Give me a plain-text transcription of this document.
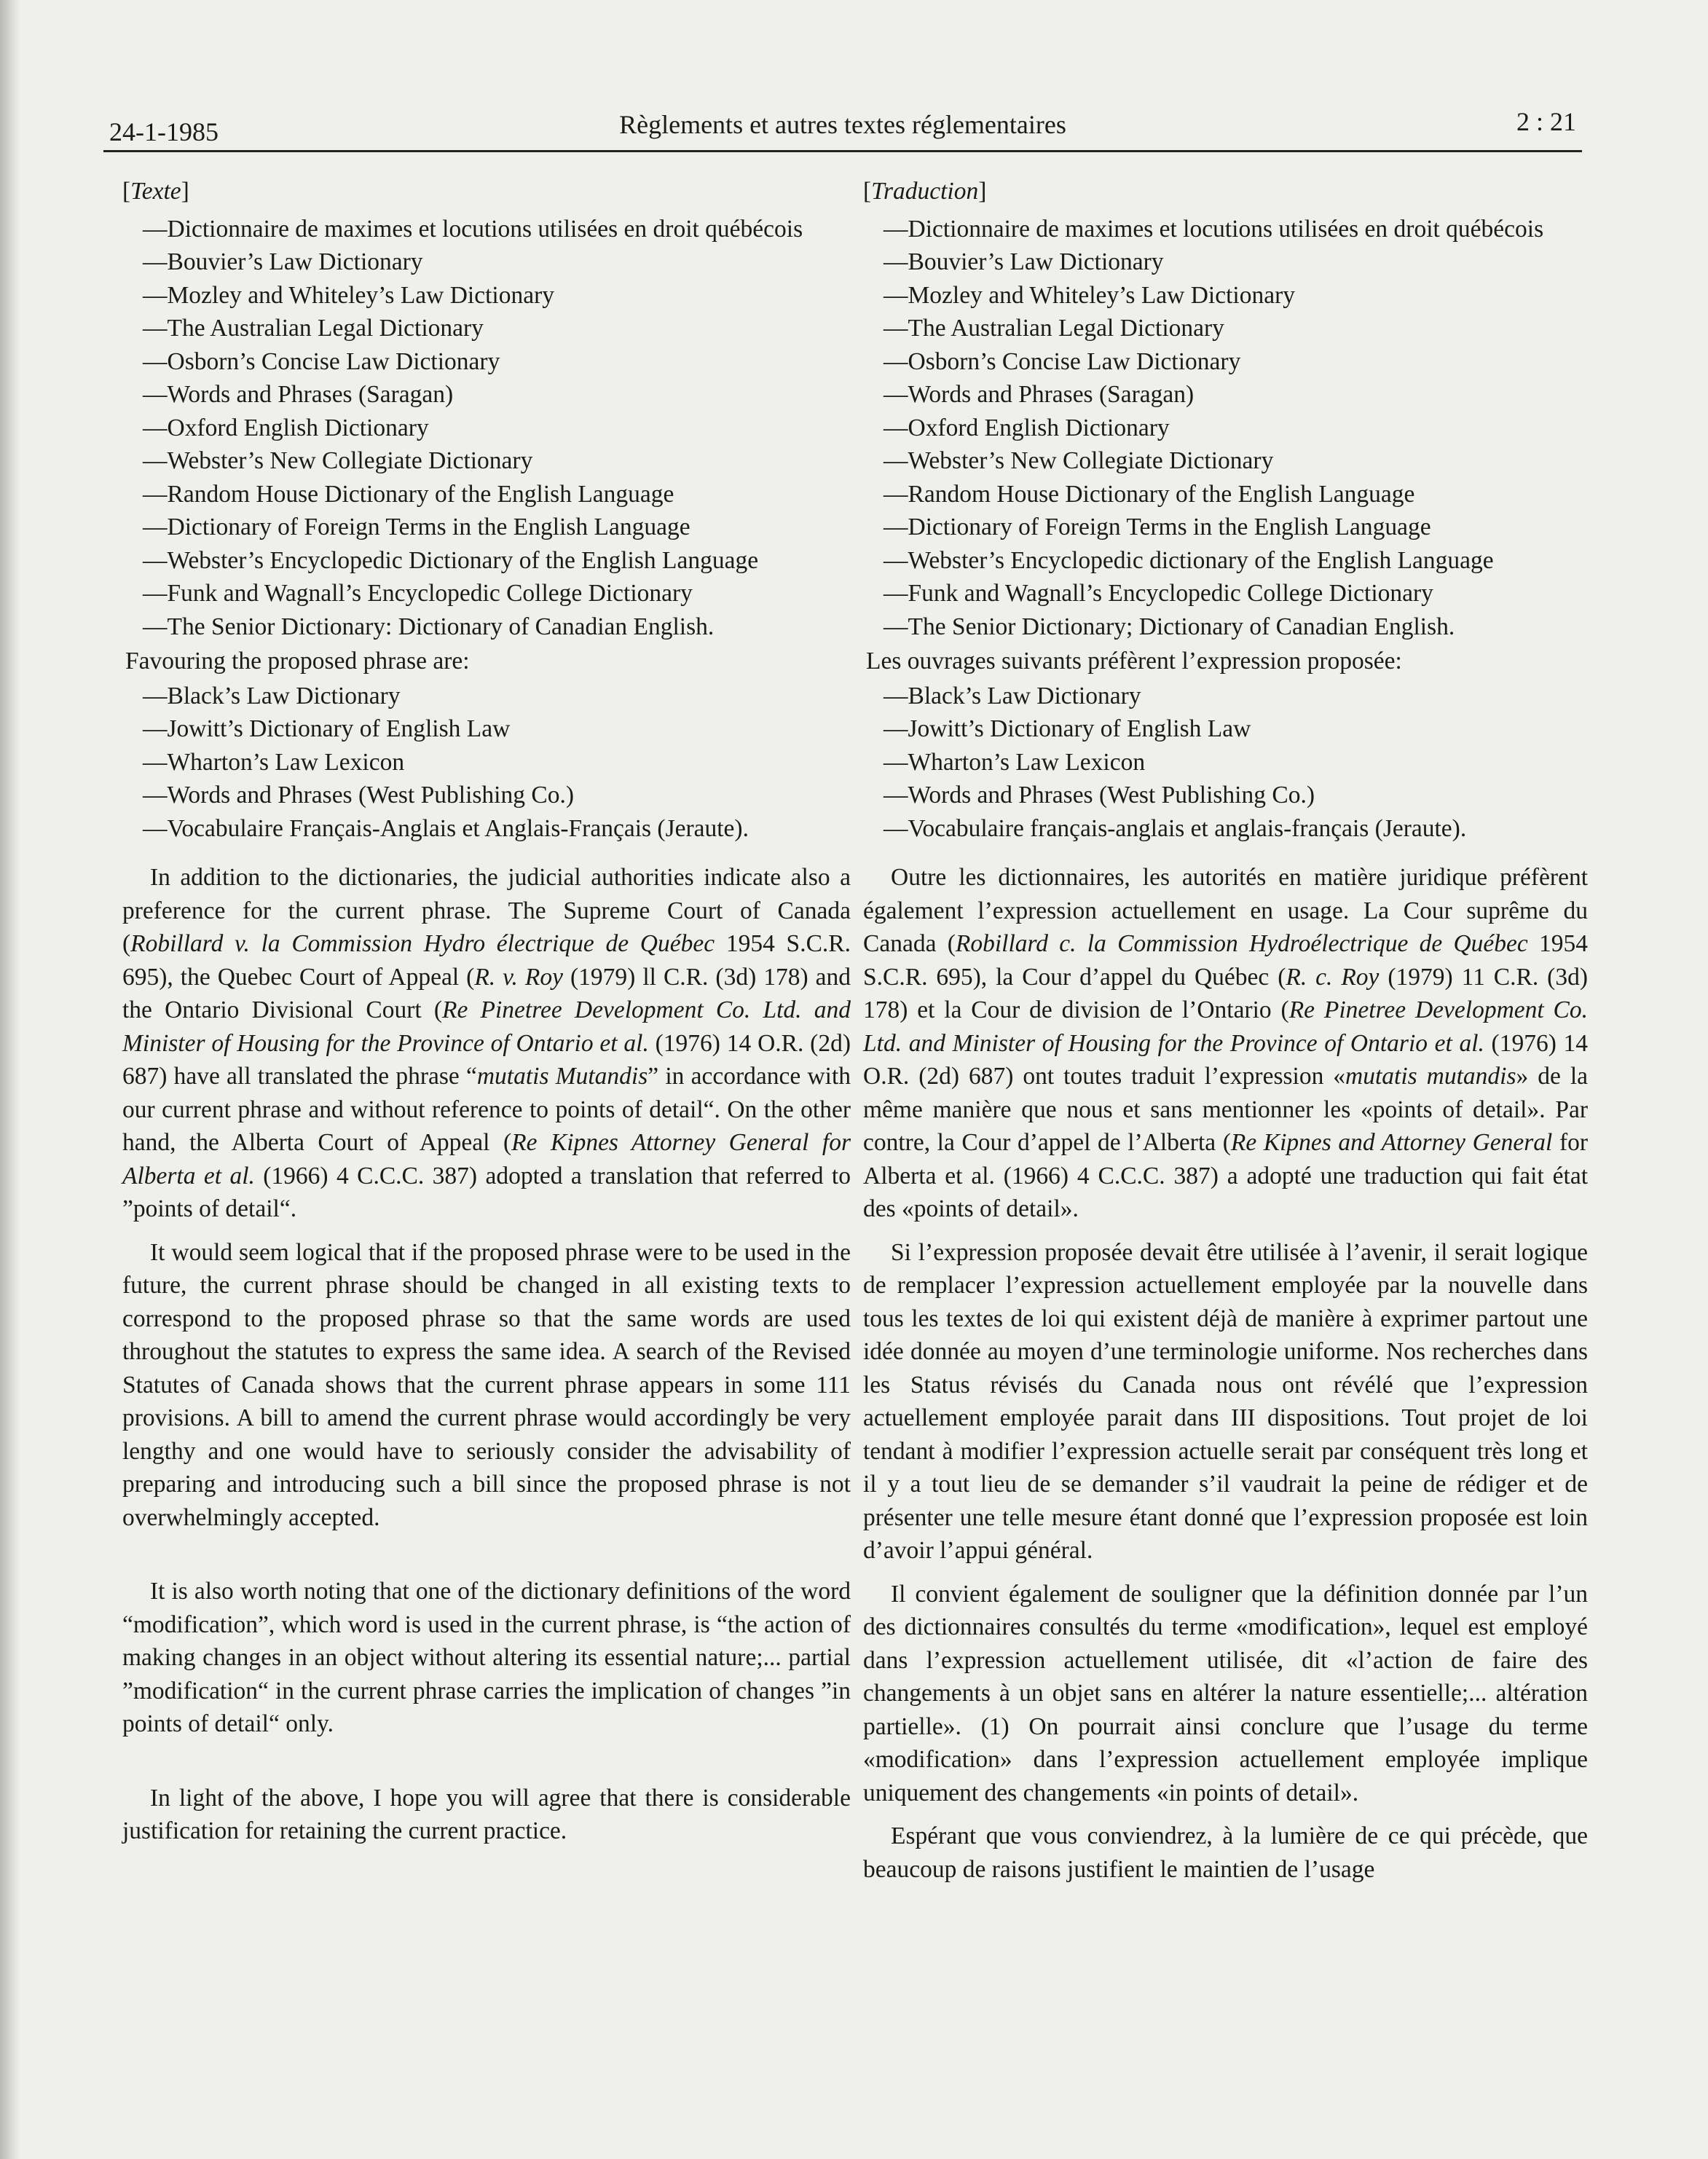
24-1-1985	Règlements et autres textes réglementaires	2 : 21
[Texte]
—Dictionnaire de maximes et locutions utilisées en droit québécois
—Bouvier’s Law Dictionary
—Mozley and Whiteley’s Law Dictionary
—The Australian Legal Dictionary
—Osborn’s Concise Law Dictionary
—Words and Phrases (Saragan)
—Oxford English Dictionary
—Webster’s New Collegiate Dictionary
—Random House Dictionary of the English Language
—Dictionary of Foreign Terms in the English Language
—Webster’s Encyclopedic Dictionary of the English Language
—Funk and Wagnall’s Encyclopedic College Dictionary
—The Senior Dictionary: Dictionary of Canadian English.
Favouring the proposed phrase are:
—Black’s Law Dictionary
—Jowitt’s Dictionary of English Law
—Wharton’s Law Lexicon
—Words and Phrases (West Publishing Co.)
—Vocabulaire Français-Anglais et Anglais-Français (Jeraute).

In addition to the dictionaries, the judicial authorities indicate also a preference for the current phrase. The Supreme Court of Canada (Robillard v. la Commission Hydro électrique de Québec 1954 S.C.R. 695), the Quebec Court of Appeal (R. v. Roy (1979) ll C.R. (3d) 178) and the Ontario Divisional Court (Re Pinetree Development Co. Ltd. and Minister of Housing for the Province of Ontario et al. (1976) 14 O.R. (2d) 687) have all translated the phrase “mutatis Mutandis” in accordance with our current phrase and without reference to points of detail“. On the other hand, the Alberta Court of Appeal (Re Kipnes Attorney General for Alberta et al. (1966) 4 C.C.C. 387) adopted a translation that referred to ”points of detail“.

It would seem logical that if the proposed phrase were to be used in the future, the current phrase should be changed in all existing texts to correspond to the proposed phrase so that the same words are used throughout the statutes to express the same idea. A search of the Revised Statutes of Canada shows that the current phrase appears in some 111 provisions. A bill to amend the current phrase would accordingly be very lengthy and one would have to seriously consider the advisability of preparing and introducing such a bill since the proposed phrase is not overwhelmingly accepted.

It is also worth noting that one of the dictionary definitions of the word “modification”, which word is used in the current phrase, is “the action of making changes in an object without altering its essential nature;... partial ”modification“ in the current phrase carries the implication of changes ”in points of detail“ only.

In light of the above, I hope you will agree that there is considerable justification for retaining the current practice.

[Traduction]
—Dictionnaire de maximes et locutions utilisées en droit québécois
—Bouvier’s Law Dictionary
—Mozley and Whiteley’s Law Dictionary
—The Australian Legal Dictionary
—Osborn’s Concise Law Dictionary
—Words and Phrases (Saragan)
—Oxford English Dictionary
—Webster’s New Collegiate Dictionary
—Random House Dictionary of the English Language
—Dictionary of Foreign Terms in the English Language
—Webster’s Encyclopedic dictionary of the English Language
—Funk and Wagnall’s Encyclopedic College Dictionary
—The Senior Dictionary; Dictionary of Canadian English.
Les ouvrages suivants préfèrent l’expression proposée:
—Black’s Law Dictionary
—Jowitt’s Dictionary of English Law
—Wharton’s Law Lexicon
—Words and Phrases (West Publishing Co.)
—Vocabulaire français-anglais et anglais-français (Jeraute).

Outre les dictionnaires, les autorités en matière juridique préfèrent également l’expression actuellement en usage. La Cour suprême du Canada (Robillard c. la Commission Hydroélectrique de Québec 1954 S.C.R. 695), la Cour d’appel du Québec (R. c. Roy (1979) 11 C.R. (3d) 178) et la Cour de division de l’Ontario (Re Pinetree Development Co. Ltd. and Minister of Housing for the Province of Ontario et al. (1976) 14 O.R. (2d) 687) ont toutes traduit l’expression «mutatis mutandis» de la même manière que nous et sans mentionner les «points of detail». Par contre, la Cour d’appel de l’Alberta (Re Kipnes and Attorney General for Alberta et al. (1966) 4 C.C.C. 387) a adopté une traduction qui fait état des «points of detail».

Si l’expression proposée devait être utilisée à l’avenir, il serait logique de remplacer l’expression actuellement employée par la nouvelle dans tous les textes de loi qui existent déjà de manière à exprimer partout une idée donnée au moyen d’une terminologie uniforme. Nos recherches dans les Status révisés du Canada nous ont révélé que l’expression actuellement employée parait dans III dispositions. Tout projet de loi tendant à modifier l’expression actuelle serait par conséquent très long et il y a tout lieu de se demander s’il vaudrait la peine de rédiger et de présenter une telle mesure étant donné que l’expression proposée est loin d’avoir l’appui général.

Il convient également de souligner que la définition donnée par l’un des dictionnaires consultés du terme «modification», lequel est employé dans l’expression actuellement utilisée, dit «l’action de faire des changements à un objet sans en altérer la nature essentielle;... altération partielle». (1) On pourrait ainsi conclure que l’usage du terme «modification» dans l’expression actuellement employée implique uniquement des changements «in points of detail».

Espérant que vous conviendrez, à la lumière de ce qui précède, que beaucoup de raisons justifient le maintien de l’usage
